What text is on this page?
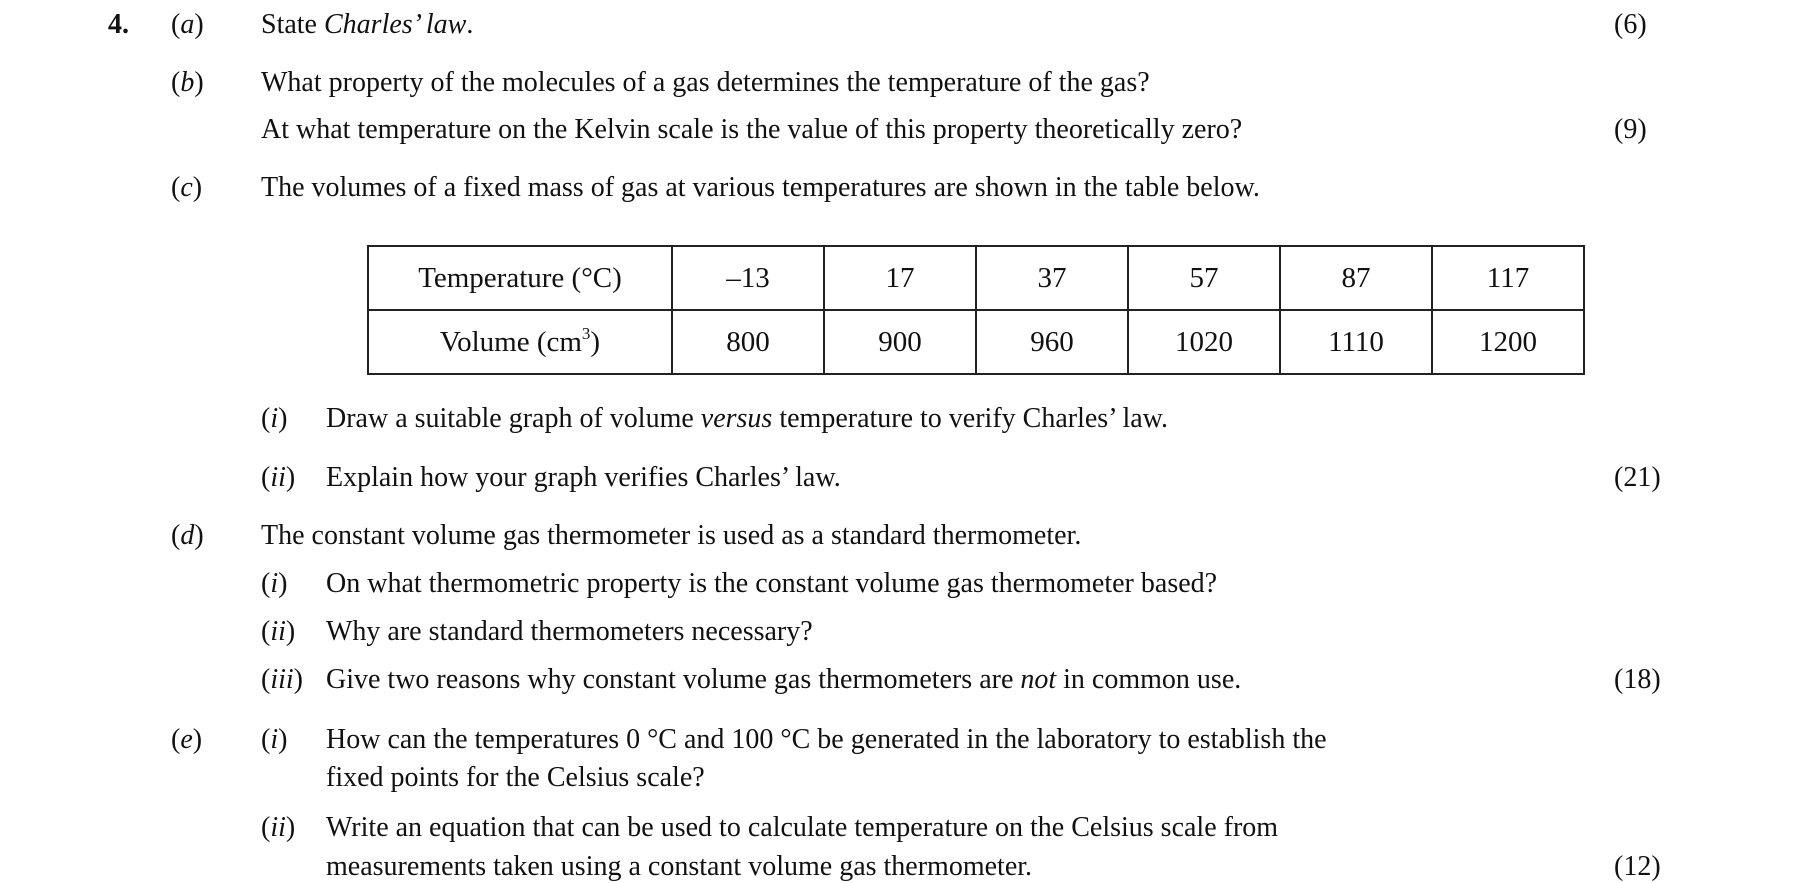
4. (a) State Charles’ law.	(6)
(b) What property of the molecules of a gas determines the temperature of the gas?
At what temperature on the Kelvin scale is the value of this property theoretically zero?	(9)
(c) The volumes of a fixed mass of gas at various temperatures are shown in the table below.
Temperature (°C)	–13	17	37	57	87	117
Volume $(cm^3)$	800	900	960	1020	1110	1200
(i) Draw a suitable graph of volume versus temperature to verify Charles’ law.
(ii) Explain how your graph verifies Charles’ law.	(21)
(d) The constant volume gas thermometer is used as a standard thermometer.
(i) On what thermometric property is the constant volume gas thermometer based?
(ii) Why are standard thermometers necessary?
(iii) Give two reasons why constant volume gas thermometers are not in common use.	(18)
(e) (i) How can the temperatures 0 °C and 100 °C be generated in the laboratory to establish the
fixed points for the Celsius scale?
(ii) Write an equation that can be used to calculate temperature on the Celsius scale from
measurements taken using a constant volume gas thermometer.	(12)
